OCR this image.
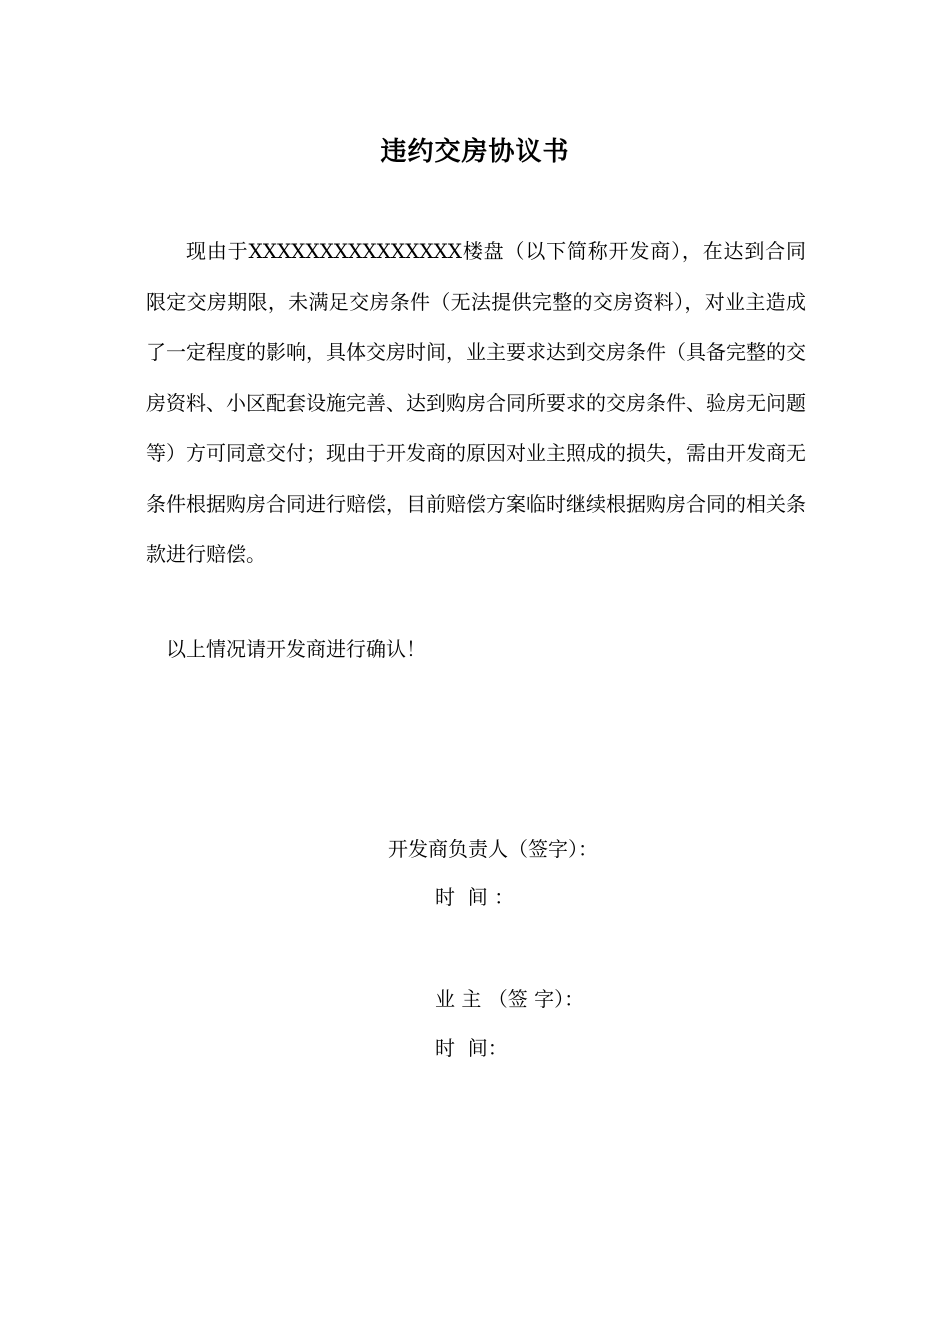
违约交房协议书

现由于XXXXXXXXXXXXXXX楼盘（以下简称开发商），在达到合同限定交房期限，未满足交房条件（无法提供完整的交房资料），对业主造成了一定程度的影响，具体交房时间，业主要求达到交房条件（具备完整的交房资料、小区配套设施完善、达到购房合同所要求的交房条件、验房无问题等）方可同意交付；现由于开发商的原因对业主照成的损失，需由开发商无条件根据购房合同进行赔偿，目前赔偿方案临时继续根据购房合同的相关条款进行赔偿。

以上情况请开发商进行确认！
开发商负责人（签字）：
时  间 ：
业 主 （签 字）：
时  间：
